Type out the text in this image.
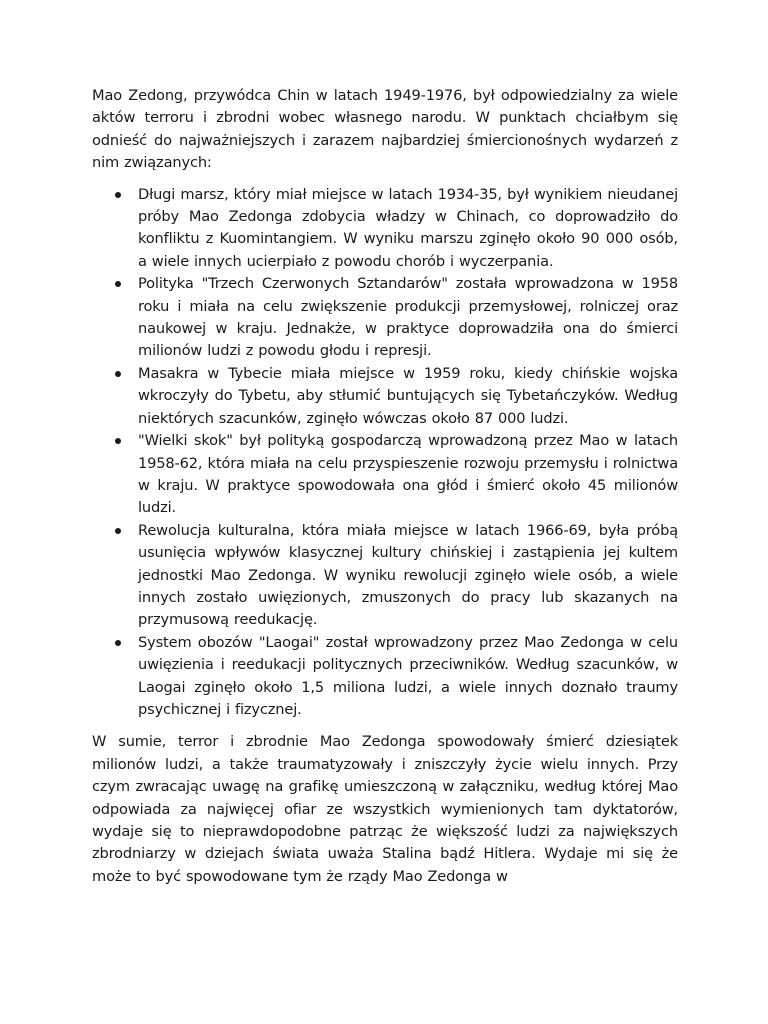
Mao Zedong, przywódca Chin w latach 1949-1976, był odpowiedzialny za wiele aktów terroru i zbrodni wobec własnego narodu. W punktach chciałbym się odnieść do najważniejszych i zarazem najbardziej śmiercionośnych wydarzeń z nim związanych:

Długi marsz, który miał miejsce w latach 1934-35, był wynikiem nieudanej próby Mao Zedonga zdobycia władzy w Chinach, co doprowadziło do konfliktu z Kuomintangiem. W wyniku marszu zginęło około 90 000 osób, a wiele innych ucierpiało z powodu chorób i wyczerpania.
Polityka "Trzech Czerwonych Sztandarów" została wprowadzona w 1958 roku i miała na celu zwiększenie produkcji przemysłowej, rolniczej oraz naukowej w kraju. Jednakże, w praktyce doprowadziła ona do śmierci milionów ludzi z powodu głodu i represji.
Masakra w Tybecie miała miejsce w 1959 roku, kiedy chińskie wojska wkroczyły do Tybetu, aby stłumić buntujących się Tybetańczyków. Według niektórych szacunków, zginęło wówczas około 87 000 ludzi.
"Wielki skok" był polityką gospodarczą wprowadzoną przez Mao w latach 1958-62, która miała na celu przyspieszenie rozwoju przemysłu i rolnictwa w kraju. W praktyce spowodowała ona głód i śmierć około 45 milionów ludzi.
Rewolucja kulturalna, która miała miejsce w latach 1966-69, była próbą usunięcia wpływów klasycznej kultury chińskiej i zastąpienia jej kultem jednostki Mao Zedonga. W wyniku rewolucji zginęło wiele osób, a wiele innych zostało uwięzionych, zmuszonych do pracy lub skazanych na przymusową reedukację.
System obozów "Laogai" został wprowadzony przez Mao Zedonga w celu uwięzienia i reedukacji politycznych przeciwników. Według szacunków, w Laogai zginęło około 1,5 miliona ludzi, a wiele innych doznało traumy psychicznej i fizycznej.

W sumie, terror i zbrodnie Mao Zedonga spowodowały śmierć dziesiątek milionów ludzi, a także traumatyzowały i zniszczyły życie wielu innych. Przy czym zwracając uwagę na grafikę umieszczoną w załączniku, według której Mao odpowiada za najwięcej ofiar ze wszystkich wymienionych tam dyktatorów, wydaje się to nieprawdopodobne patrząc że większość ludzi za największych zbrodniarzy w dziejach świata uważa Stalina bądź Hitlera. Wydaje mi się że może to być spowodowane tym że rządy Mao Zedonga w
